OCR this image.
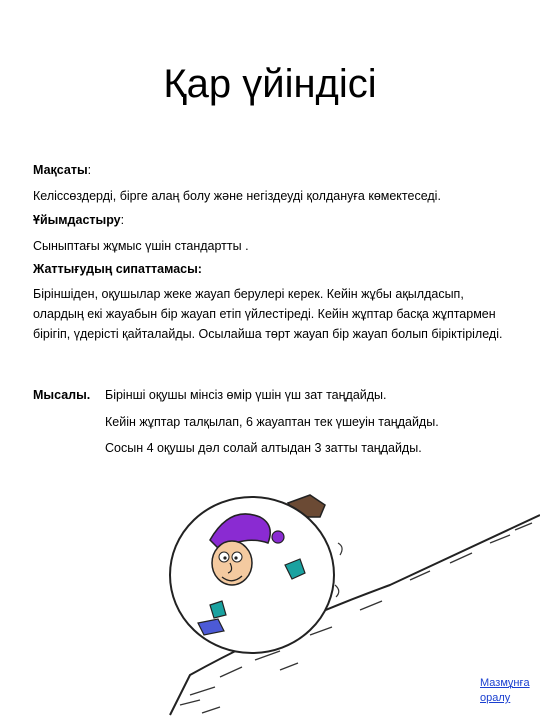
Қар үйіндісі

Мақсаты:

Келіссөздерді, бірге алаң болу және негіздеуді қолдануға көмектеседі.

Ұйымдастыру:

Сыныптағы жұмыс үшін стандартты .

Жаттығудың сипаттамасы:

Біріншіден, оқушылар жеке жауап берулері керек. Кейін жұбы ақылдасып, олардың екі жауабын бір жауап етіп үйлестіреді. Кейін жұптар басқа жұптармен бірігіп, үдерісті қайталайды. Осылайша төрт жауап бір жауап болып біріктіріледі.

Мысалы. Бірінші оқушы мінсіз өмір үшін үш зат таңдайды.

Кейін жұптар талқылап, 6 жауаптан тек үшеуін таңдайды.

Сосын 4 оқушы дәл солай алтыдан 3 затты таңдайды.

Мазмұнға
оралу
